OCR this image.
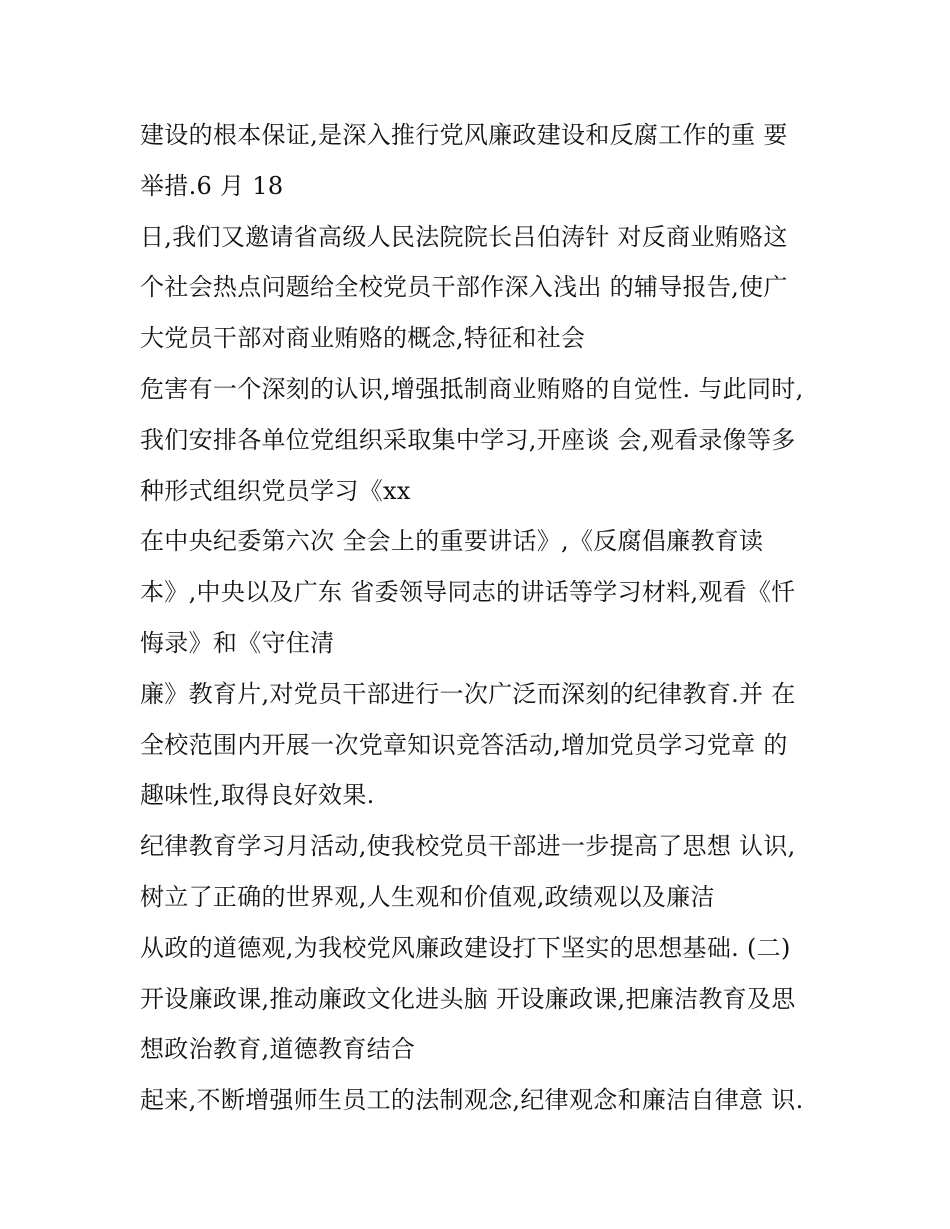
建设的根本保证,是深入推行党风廉政建设和反腐工作的重 要
举措.6 月 18
日,我们又邀请省高级人民法院院长吕伯涛针 对反商业贿赂这
个社会热点问题给全校党员干部作深入浅出 的辅导报告,使广
大党员干部对商业贿赂的概念,特征和社会
危害有一个深刻的认识,增强抵制商业贿赂的自觉性. 与此同时,
我们安排各单位党组织采取集中学习,开座谈 会,观看录像等多
种形式组织党员学习《xx
在中央纪委第六次 全会上的重要讲话》,《反腐倡廉教育读
本》,中央以及广东 省委领导同志的讲话等学习材料,观看《忏
悔录》和《守住清
廉》教育片,对党员干部进行一次广泛而深刻的纪律教育.并 在
全校范围内开展一次党章知识竞答活动,增加党员学习党章 的
趣味性,取得良好效果.
纪律教育学习月活动,使我校党员干部进一步提高了思想 认识,
树立了正确的世界观,人生观和价值观,政绩观以及廉洁
从政的道德观,为我校党风廉政建设打下坚实的思想基础. (二)
开设廉政课,推动廉政文化进头脑 开设廉政课,把廉洁教育及思
想政治教育,道德教育结合
起来,不断增强师生员工的法制观念,纪律观念和廉洁自律意 识.
